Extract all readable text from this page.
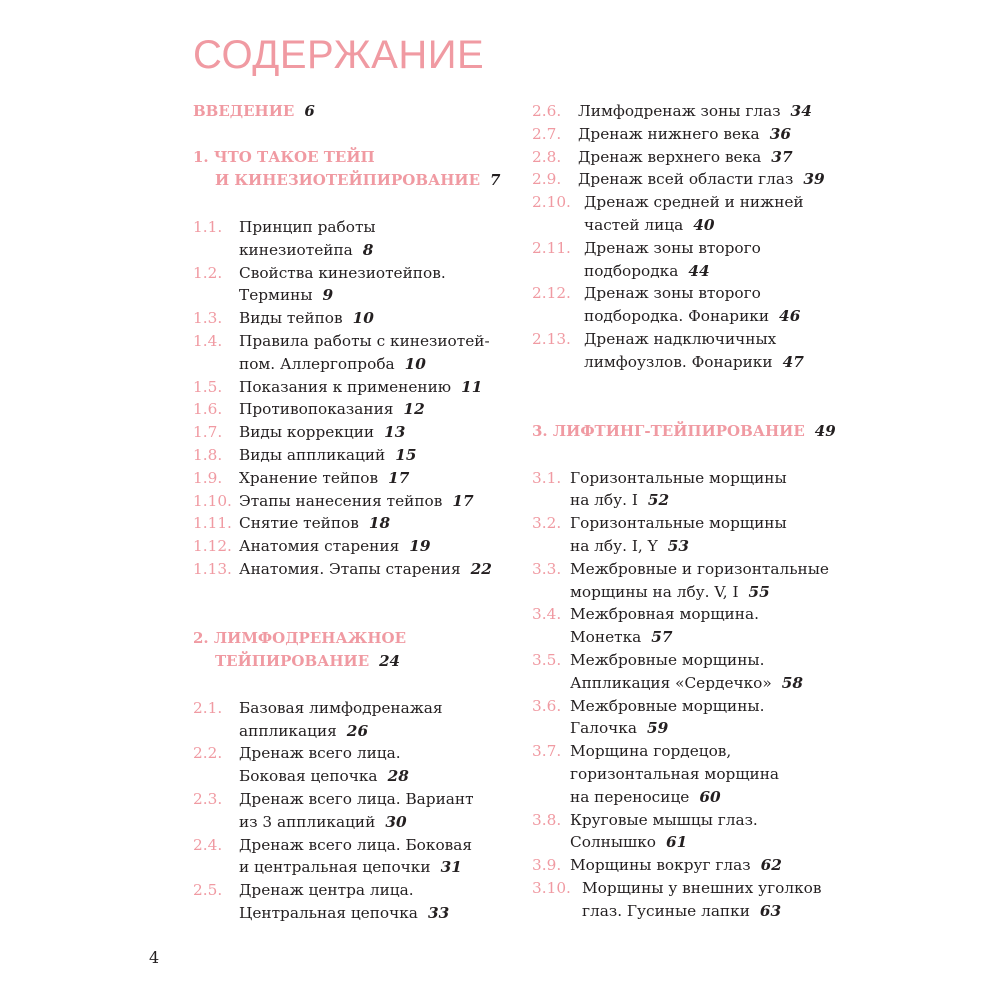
СОДЕРЖАНИЕ
ВВЕДЕНИЕ 6
1. ЧТО ТАКОЕ ТЕЙП
И КИНЕЗИОТЕЙПИРОВАНИЕ 7
1.1.	Принцип работы
кинезиотейпа 8
1.2.	Свойства кинезиотейпов.
Термины 9
1.3.	Виды тейпов 10
1.4.	Правила работы с кинезиотей-
пом. Аллергопроба 10
1.5.	Показания к применению 11
1.6.	Противопоказания 12
1.7.	Виды коррекции 13
1.8.	Виды аппликаций 15
1.9.	Хранение тейпов 17
1.10. Этапы нанесения тейпов 17
1.11. Снятие тейпов 18
1.12. Анатомия старения 19
1.13. Анатомия. Этапы старения 22
2. ЛИМФОДРЕНАЖНОЕ
ТЕЙПИРОВАНИЕ 24
2.1.	Базовая лимфодренажая
аппликация 26
2.2.	Дренаж всего лица.
Боковая цепочка 28
2.3.	Дренаж всего лица. Вариант
из 3 аппликаций 30
2.4.	Дренаж всего лица. Боковая
и центральная цепочки 31
2.5.	Дренаж центра лица.
Центральная цепочка 33
2.6.	Лимфодренаж зоны глаз 34
2.7.	Дренаж нижнего века 36
2.8.	Дренаж верхнего века 37
2.9.	Дренаж всей области глаз 39
2.10. Дренаж средней и нижней
частей лица 40
2.11. Дренаж зоны второго
подбородка 44
2.12. Дренаж зоны второго
подбородка. Фонарики 46
2.13. Дренаж надключичных
лимфоузлов. Фонарики 47
3. ЛИФТИНГ-ТЕЙПИРОВАНИЕ 49
3.1. Горизонтальные морщины
на лбу. I 52
3.2. Горизонтальные морщины
на лбу. I, Y 53
3.3. Межбровные и горизонтальные
морщины на лбу. V, I 55
3.4. Межбровная морщина.
Монетка 57
3.5. Межбровные морщины.
Аппликация «Сердечко» 58
3.6. Межбровные морщины.
Галочка 59
3.7. Морщина гордецов,
горизонтальная морщина
на переносице 60
3.8. Круговые мышцы глаз.
Солнышко 61
3.9. Морщины вокруг глаз 62
3.10. Морщины у внешних уголков
глаз. Гусиные лапки 63
4
